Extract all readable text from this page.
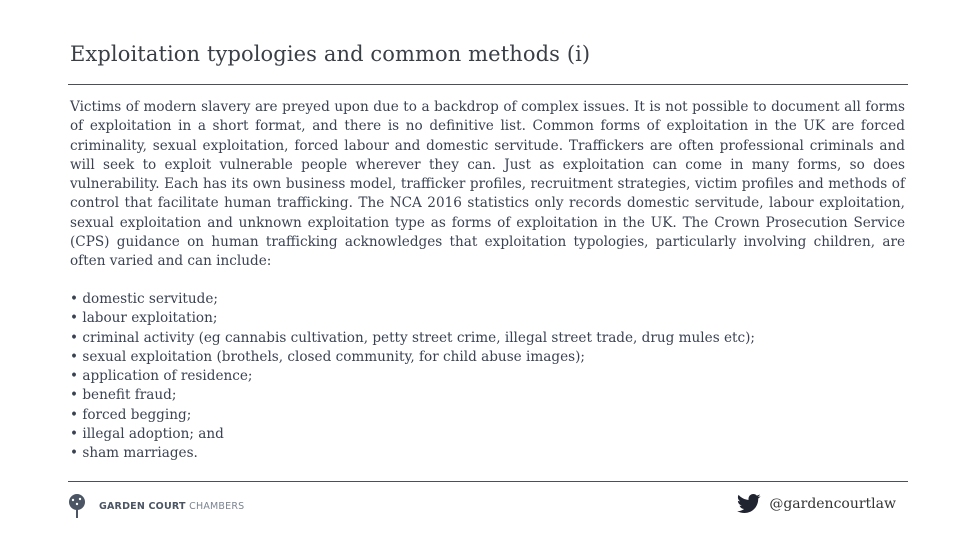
Exploitation typologies and common methods (i)
Victims of modern slavery are preyed upon due to a backdrop of complex issues. It is not possible to document all forms of exploitation in a short format, and there is no definitive list. Common forms of exploitation in the UK are forced criminality, sexual exploitation, forced labour and domestic servitude. Traffickers are often professional criminals and will seek to exploit vulnerable people wherever they can. Just as exploitation can come in many forms, so does vulnerability. Each has its own business model, trafficker profiles, recruitment strategies, victim profiles and methods of control that facilitate human trafficking. The NCA 2016 statistics only records domestic servitude, labour exploitation, sexual exploitation and unknown exploitation type as forms of exploitation in the UK. The Crown Prosecution Service (CPS) guidance on human trafficking acknowledges that exploitation typologies, particularly involving children, are often varied and can include:
• domestic servitude;
• labour exploitation;
• criminal activity (eg cannabis cultivation, petty street crime, illegal street trade, drug mules etc);
• sexual exploitation (brothels, closed community, for child abuse images);
• application of residence;
• benefit fraud;
• forced begging;
• illegal adoption; and
• sham marriages.
GARDEN COURT CHAMBERS	@gardencourtlaw
